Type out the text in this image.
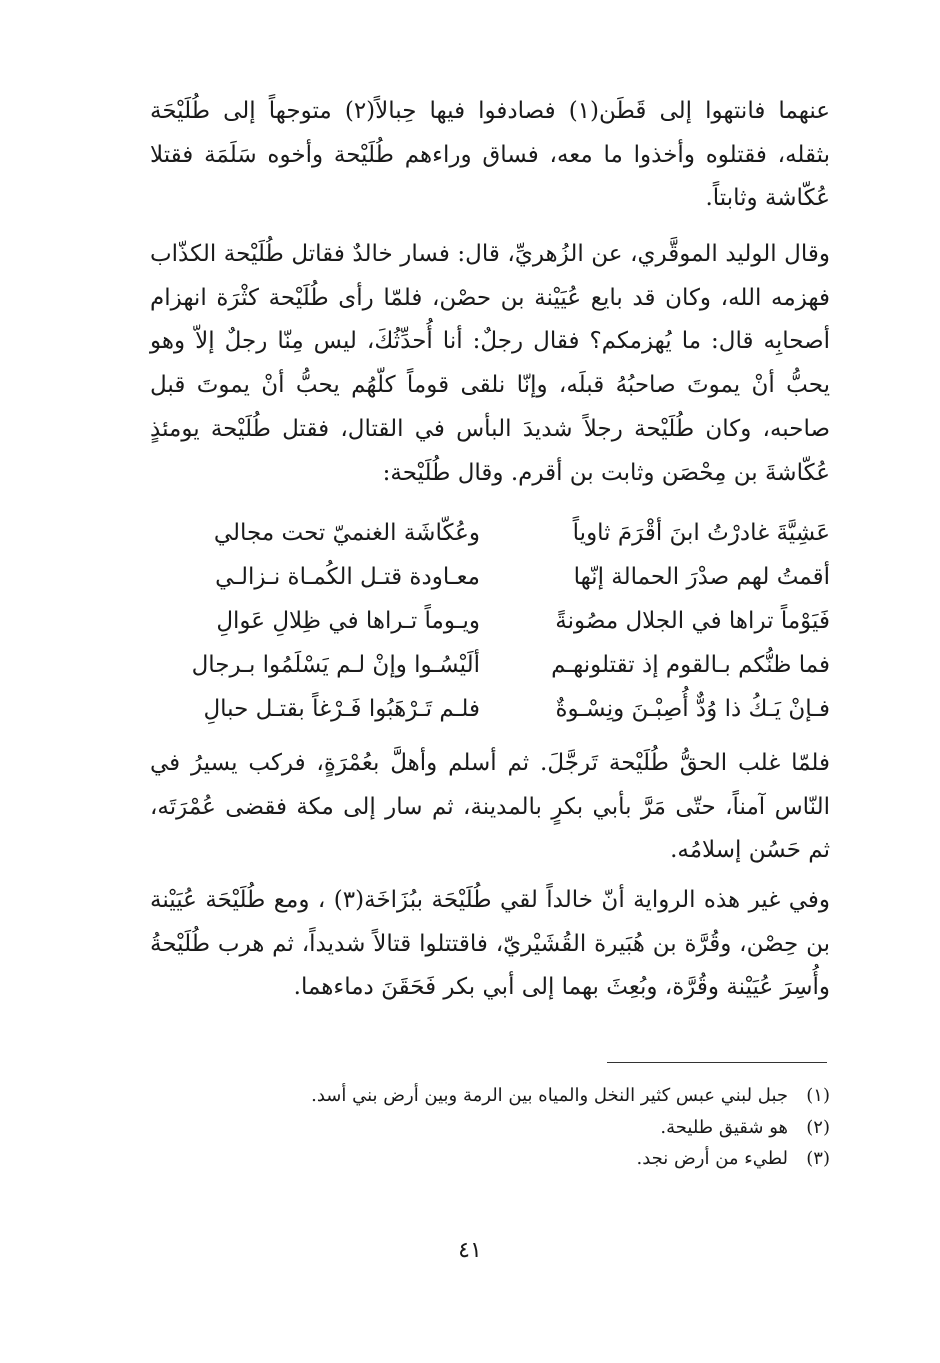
عنهما فانتهوا إلى قَطَن(١) فصادفوا فيها حِبالاً(٢) متوجهاً إلى طُلَيْحَة بثقله، فقتلوه وأخذوا ما معه، فساق وراءهم طُلَيْحة وأخوه سَلَمَة فقتلا عُكّاشة وثابتاً.

وقال الوليد الموقَّري، عن الزُهريِّ، قال: فسار خالدٌ فقاتل طُلَيْحة الكذّاب فهزمه الله، وكان قد بايع عُيَيْنة بن حصْن، فلمّا رأى طُلَيْحة كثْرَة انهزام أصحابِه قال: ما يُهزمكم؟ فقال رجلٌ: أنا أُحدِّثُكَ، ليس مِنّا رجلٌ إلاّ وهو يحبُّ أنْ يموتَ صاحبُهُ قبلَه، وإنّا نلقى قوماً كلّهُم يحبُّ أنْ يموتَ قبل صاحبه، وكان طُلَيْحة رجلاً شديدَ البأس في القتال، فقتل طُلَيْحة يومئذٍ عُكّاشةَ بن مِحْصَن وثابت بن أقرم. وقال طُلَيْحة:

عَشِيَّةَ غادرْتُ ابنَ أقْرَمَ ثاوياً
وعُكّاشَة الغنميّ تحت مجالي
أقمتُ لهم صدْرَ الحمالة إنّها
معـاودة قتـل الكُمـاة نـزالـي
فَيَوْماً تراها في الجلال مصُونةً
ويـوماً تـراها في ظِلالِ عَوالِ
فما ظنُّكم بـالقوم إذ تقتلونهـم
ألَيْسُـوا وإنْ لـم يَسْلَمُوا بـرجال
فـإنْ يَـكُ ذا وُدٌّ أُصِبْـنَ ونِسْـوةٌ
فلـم تَـرْهَبُوا فَـرْغاً بقتـل حبالِ

فلمّا غلب الحقُّ طُلَيْحة تَرجَّلَ. ثم أسلم وأهلَّ بعُمْرَةٍ، فركب يسيرُ في النّاس آمناً، حتّى مَرَّ بأبي بكرٍ بالمدينة، ثم سار إلى مكة فقضى عُمْرَتَه، ثم حَسُن إسلامُه.

وفي غير هذه الرواية أنّ خالداً لقي طُلَيْحَة ببُزَاخَة(٣) ، ومع طُلَيْحَة عُيَيْنة بن حِصْن، وقُرَّة بن هُبَيرة القُشَيْريّ، فاقتتلوا قتالاً شديداً، ثم هرب طُلَيْحةُ وأُسِرَ عُيَيْنة وقُرَّة، وبُعِثَ بهما إلى أبي بكر فَحَقَنَ دماءهما.

(١)
جبل لبني عبس كثير النخل والمياه بين الرمة وبين أرض بني أسد.
(٢)
هو شقيق طليحة.
(٣)
لطيء من أرض نجد.
٤١
